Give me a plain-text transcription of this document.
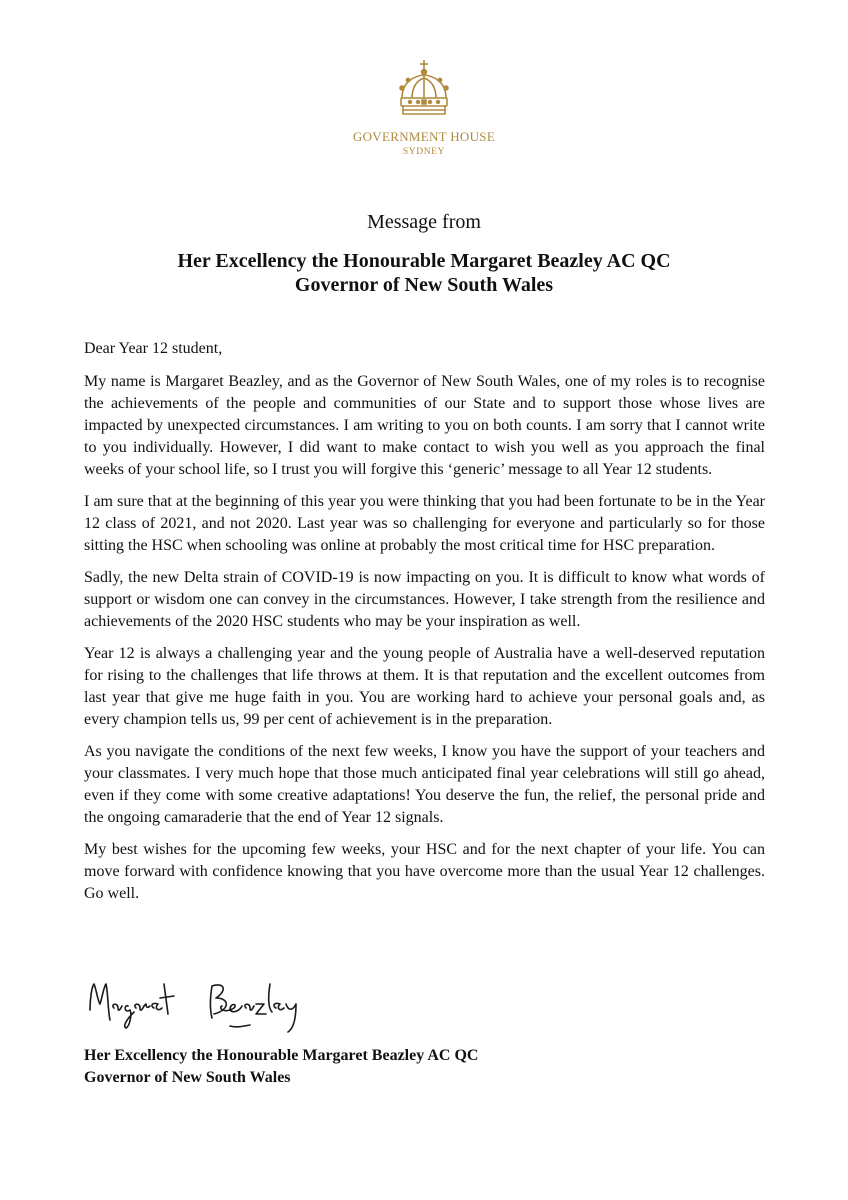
GOVERNMENT HOUSE
SYDNEY
Message from
Her Excellency the Honourable Margaret Beazley AC QC
Governor of New South Wales
Dear Year 12 student,

My name is Margaret Beazley, and as the Governor of New South Wales, one of my roles is to recognise the achievements of the people and communities of our State and to support those whose lives are impacted by unexpected circumstances. I am writing to you on both counts. I am sorry that I cannot write to you individually. However, I did want to make contact to wish you well as you approach the final weeks of your school life, so I trust you will forgive this ‘generic’ message to all Year 12 students.

I am sure that at the beginning of this year you were thinking that you had been fortunate to be in the Year 12 class of 2021, and not 2020. Last year was so challenging for everyone and particularly so for those sitting the HSC when schooling was online at probably the most critical time for HSC preparation.

Sadly, the new Delta strain of COVID-19 is now impacting on you. It is difficult to know what words of support or wisdom one can convey in the circumstances. However, I take strength from the resilience and achievements of the 2020 HSC students who may be your inspiration as well.

Year 12 is always a challenging year and the young people of Australia have a well-deserved reputation for rising to the challenges that life throws at them. It is that reputation and the excellent outcomes from last year that give me huge faith in you. You are working hard to achieve your personal goals and, as every champion tells us, 99 per cent of achievement is in the preparation.

As you navigate the conditions of the next few weeks, I know you have the support of your teachers and your classmates. I very much hope that those much anticipated final year celebrations will still go ahead, even if they come with some creative adaptations! You deserve the fun, the relief, the personal pride and the ongoing camaraderie that the end of Year 12 signals.

My best wishes for the upcoming few weeks, your HSC and for the next chapter of your life. You can move forward with confidence knowing that you have overcome more than the usual Year 12 challenges. Go well.

Her Excellency the Honourable Margaret Beazley AC QC
Governor of New South Wales
